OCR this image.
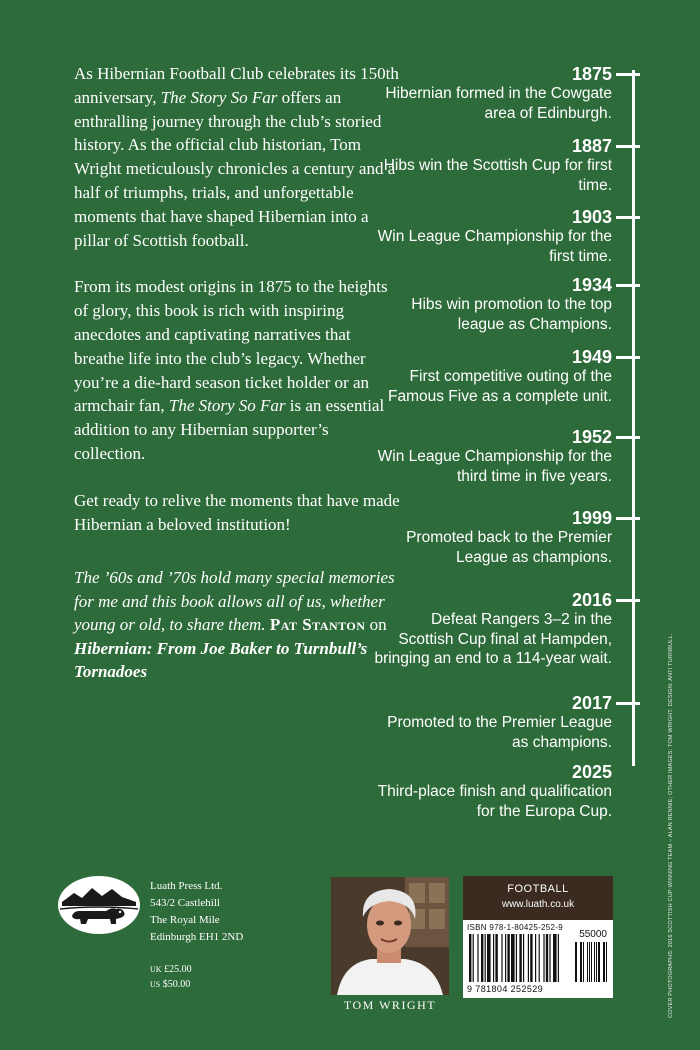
As Hibernian Football Club celebrates its 150th anniversary, The Story So Far offers an enthralling journey through the club’s storied history. As the official club historian, Tom Wright meticulously chronicles a century and a half of triumphs, trials, and unforgettable moments that have shaped Hibernian into a pillar of Scottish football.

From its modest origins in 1875 to the heights of glory, this book is rich with inspiring anecdotes and captivating narratives that breathe life into the club’s legacy. Whether you’re a die-hard season ticket holder or an armchair fan, The Story So Far is an essential addition to any Hibernian supporter’s collection.

Get ready to relive the moments that have made Hibernian a beloved institution!

The ’60s and ’70s hold many special memories for me and this book allows all of us, whether young or old, to share them. Pat Stanton on Hibernian: From Joe Baker to Turnbull’s Tornadoes
1875
Hibernian formed in the Cowgate area of Edinburgh.
1887
Hibs win the Scottish Cup for first time.
1903
Win League Championship for the first time.
1934
Hibs win promotion to the top league as Champions.
1949
First competitive outing of the Famous Five as a complete unit.
1952
Win League Championship for the third time in five years.
1999
Promoted back to the Premier League as champions.
2016
Defeat Rangers 3–2 in the Scottish Cup final at Hampden, bringing an end to a 114-year wait.
2017
Promoted to the Premier League as champions.
2025
Third-place finish and qualification for the Europa Cup.	COVER PHOTOGRAPHS: 2016 SCOTTISH CUP-WINNING TEAM – ALAN RENNIE; OTHER IMAGES: TOM WRIGHT. DESIGN: ANTI TURNBULL.
Luath Press Ltd.
543/2 Castlehill
The Royal Mile
Edinburgh EH1 2ND
uk £25.00
us $50.00
TOM WRIGHT
FOOTBALL
www.luath.co.uk
ISBN 978-1-80425-252-9
55000
9 781804 252529
